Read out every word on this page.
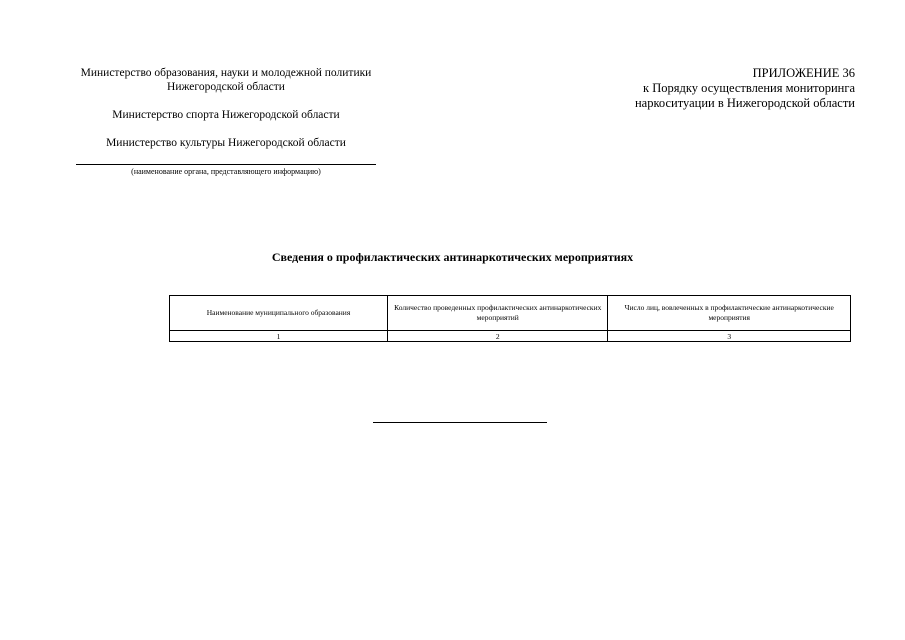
Министерство образования, науки и молодежной политики Нижегородской области
Министерство спорта Нижегородской области
Министерство культуры Нижегородской области
(наименование органа, представляющего информацию)
ПРИЛОЖЕНИЕ 36
к Порядку осуществления мониторинга
наркоситуации в Нижегородской области
Сведения о профилактических антинаркотических мероприятиях
Наименование муниципального образования	Количество проведенных профилактических антинаркотических мероприятий	Число лиц, вовлеченных в профилактические антинаркотические мероприятия
1	2	3
